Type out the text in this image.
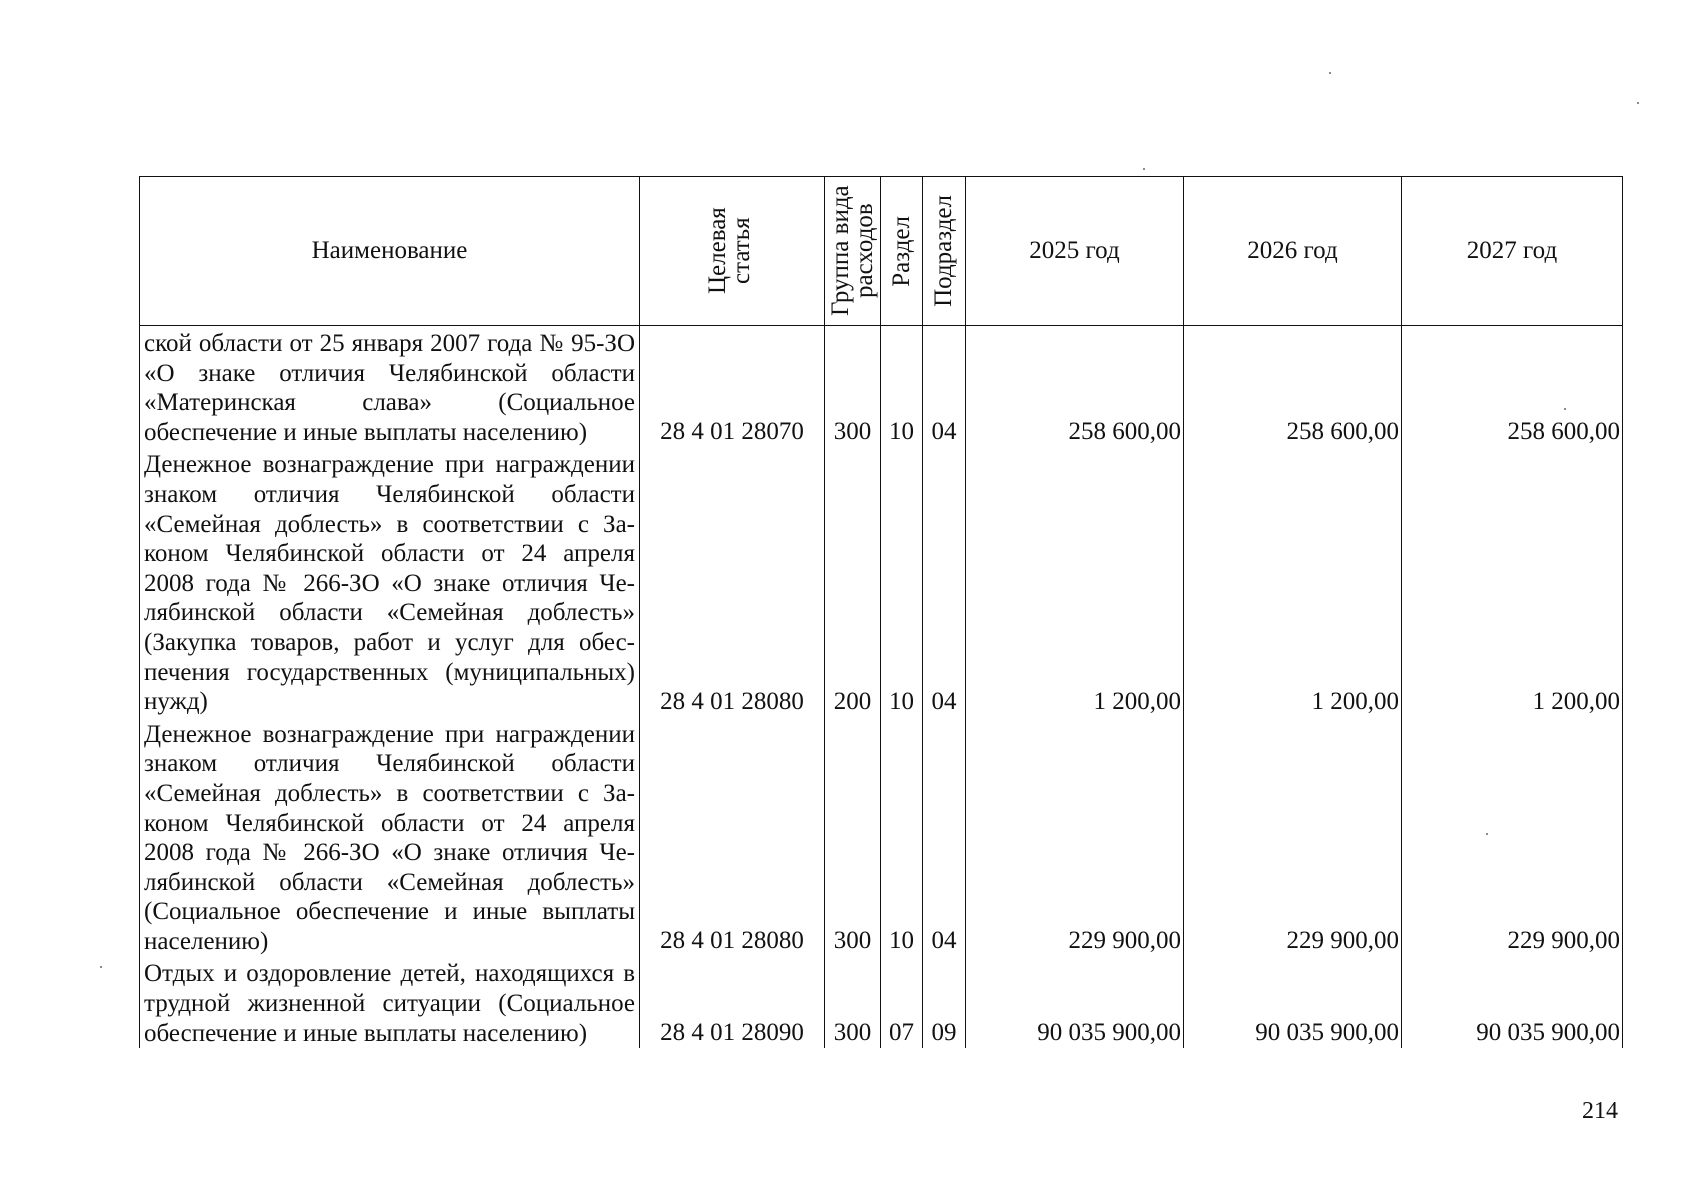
Наименование	Целевая статья	Группа вида расходов	Раздел	Подраздел	2025 год	2026 год	2027 год
ской области от 25 января 2007 года № 95-ЗО «О знаке отличия Челябинской области «Материнская слава» (Социальное обеспечение и иные выплаты населению)	28 4 01 28070	300	10	04	258 600,00	258 600,00	258 600,00
Денежное вознаграждение при награждении знаком отличия Челябинской области «Семейная доблесть» в соответствии с Законом Челябинской области от 24 апреля 2008 года № 266-ЗО «О знаке отличия Челябинской области «Семейная доблесть» (Закупка товаров, работ и услуг для обеспечения государственных (муниципальных) нужд)	28 4 01 28080	200	10	04	1 200,00	1 200,00	1 200,00
Денежное вознаграждение при награждении знаком отличия Челябинской области «Семейная доблесть» в соответствии с Законом Челябинской области от 24 апреля 2008 года № 266-ЗО «О знаке отличия Челябинской области «Семейная доблесть» (Социальное обеспечение и иные выплаты населению)	28 4 01 28080	300	10	04	229 900,00	229 900,00	229 900,00
Отдых и оздоровление детей, находящихся в трудной жизненной ситуации (Социальное обеспечение и иные выплаты населению)	28 4 01 28090	300	07	09	90 035 900,00	90 035 900,00	90 035 900,00
214
